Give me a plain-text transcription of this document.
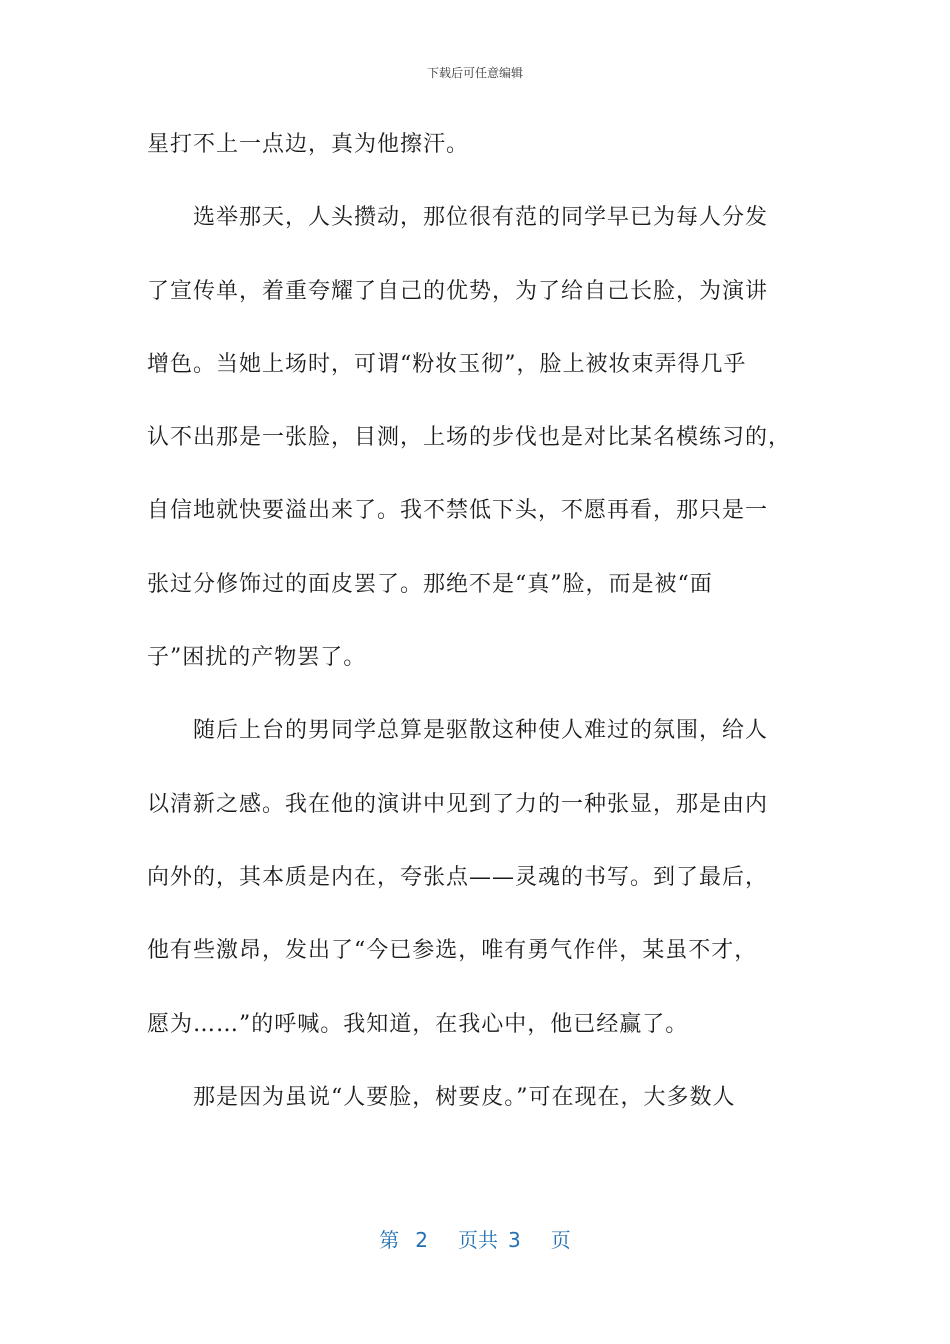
下载后可任意编辑
星打不上一点边，真为他擦汗。
选举那天，人头攒动，那位很有范的同学早已为每人分发
了宣传单，着重夸耀了自己的优势，为了给自己长脸，为演讲
增色。当她上场时，可谓“粉妆玉彻”，脸上被妆束弄得几乎
认不出那是一张脸，目测，上场的步伐也是对比某名模练习的，
自信地就快要溢出来了。我不禁低下头，不愿再看，那只是一
张过分修饰过的面皮罢了。那绝不是“真”脸，而是被“面
子”困扰的产物罢了。
随后上台的男同学总算是驱散这种使人难过的氛围，给人
以清新之感。我在他的演讲中见到了力的一种张显，那是由内
向外的，其本质是内在，夸张点——灵魂的书写。到了最后，
他有些激昂，发出了“今已参选，唯有勇气作伴，某虽不才，
愿为……”的呼喊。我知道，在我心中，他已经赢了。
那是因为虽说“人要脸，树要皮。”可在现在，大多数人
第 2 页共 3 页
